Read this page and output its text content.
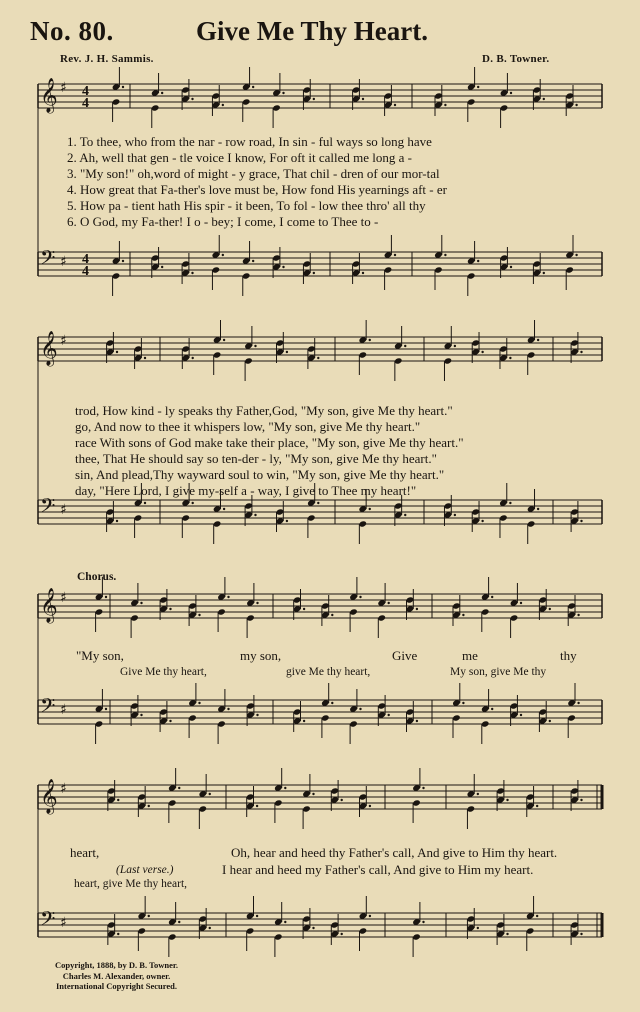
No. 80.	Give Me Thy Heart.
Rev. J. H. Sammis.	D. B. Towner.
𝄞 ♯ 4
4
𝄢 ♯ 4
4
𝄞 ♯
𝄢 ♯
𝄞 ♯
𝄢 ♯
𝄞 ♯
𝄢 ♯
1. To thee, who from the nar - row road, In sin - ful ways so long have
2. Ah, well that gen - tle voice I know, For oft it called me long a -
3. "My son!" oh,word of might - y grace, That chil - dren of our mor-tal
4. How great that Fa-ther's love must be, How fond His yearnings aft - er
5. How pa - tient hath His spir - it been, To fol - low thee thro' all thy
6. O God, my Fa-ther! I o - bey; I come, I come to Thee to -
trod, How kind - ly speaks thy Father,God, "My son, give Me thy heart."
go, And now to thee it whispers low, "My son, give Me thy heart."
race With sons of God make take their place, "My son, give Me thy heart."
thee, That He should say so ten-der - ly, "My son, give Me thy heart."
sin, And plead,Thy wayward soul to win, "My son, give Me thy heart."
day, "Here Lord, I give my-self a - way, I give to Thee my heart!"
Chorus.
"My son,	my son,	Give	me	thy
Give Me thy heart,	give Me thy heart,	My son, give Me thy
heart,	Oh, hear and heed thy Father's call, And give to Him thy heart.
(Last verse.)	I hear and heed my Father's call, And give to Him my heart.
heart, give Me thy heart,
Copyright, 1888, by D. B. Towner.
Charles M. Alexander, owner.
International Copyright Secured.
